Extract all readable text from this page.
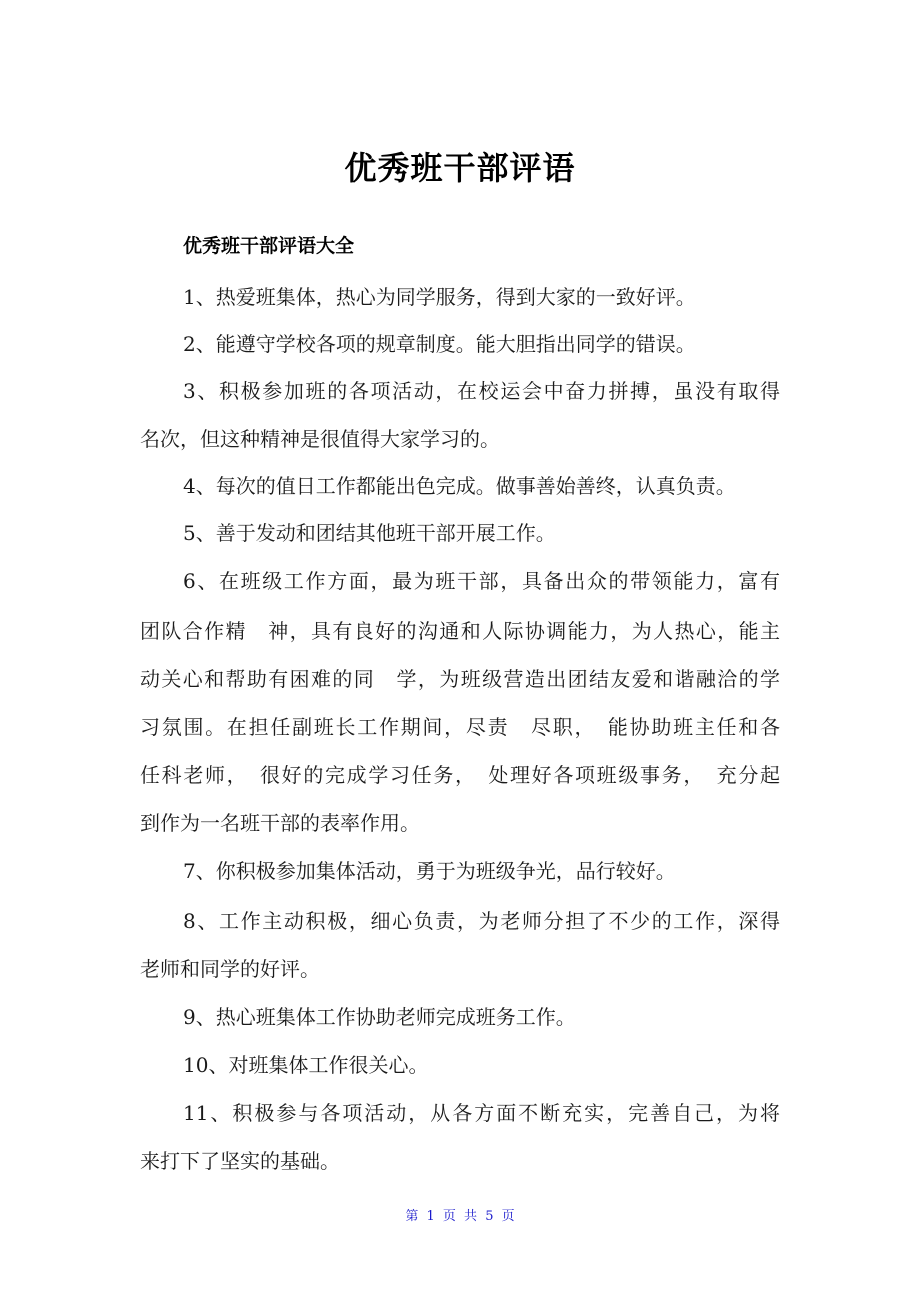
优秀班干部评语
优秀班干部评语大全
1、热爱班集体，热心为同学服务，得到大家的一致好评。
2、能遵守学校各项的规章制度。能大胆指出同学的错误。
3、积极参加班的各项活动，在校运会中奋力拼搏，虽没有取得
名次，但这种精神是很值得大家学习的。
4、每次的值日工作都能出色完成。做事善始善终，认真负责。
5、善于发动和团结其他班干部开展工作。
6、在班级工作方面，最为班干部，具备出众的带领能力，富有
团队合作精　神，具有良好的沟通和人际协调能力，为人热心，能主
动关心和帮助有困难的同　学，为班级营造出团结友爱和谐融洽的学
习氛围。在担任副班长工作期间，尽责　尽职，　能协助班主任和各
任科老师，　很好的完成学习任务，　处理好各项班级事务，　充分起
到作为一名班干部的表率作用。
7、你积极参加集体活动，勇于为班级争光，品行较好。
8、工作主动积极，细心负责，为老师分担了不少的工作，深得
老师和同学的好评。
9、热心班集体工作协助老师完成班务工作。
10、对班集体工作很关心。
11、积极参与各项活动，从各方面不断充实，完善自己，为将
来打下了坚实的基础。
第 1 页 共 5 页
